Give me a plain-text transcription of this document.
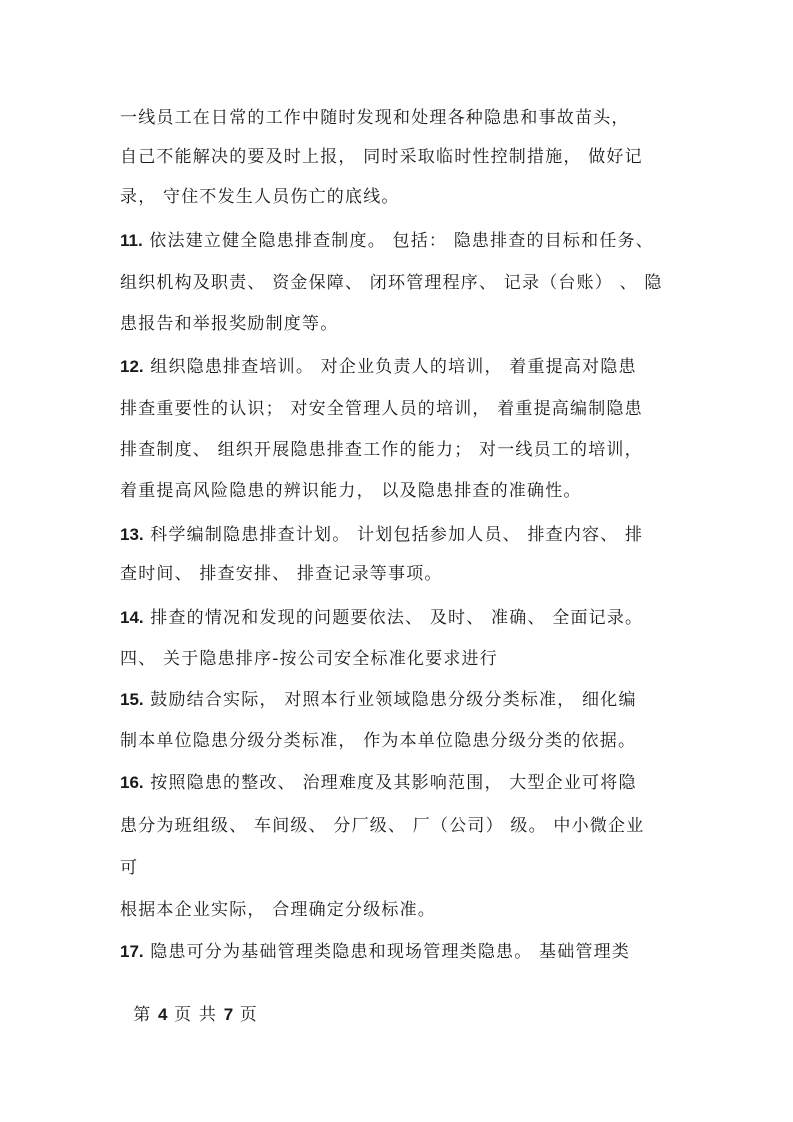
一线员工在日常的工作中随时发现和处理各种隐患和事故苗头，
自己不能解决的要及时上报， 同时采取临时性控制措施， 做好记
录， 守住不发生人员伤亡的底线。
11. 依法建立健全隐患排查制度。 包括： 隐患排查的目标和任务、
组织机构及职责、 资金保障、 闭环管理程序、 记录（台账） 、 隐
患报告和举报奖励制度等。
12. 组织隐患排查培训。 对企业负责人的培训， 着重提高对隐患
排查重要性的认识； 对安全管理人员的培训， 着重提高编制隐患
排查制度、 组织开展隐患排查工作的能力； 对一线员工的培训，
着重提高风险隐患的辨识能力， 以及隐患排查的准确性。
13. 科学编制隐患排查计划。 计划包括参加人员、 排查内容、 排
查时间、 排查安排、 排查记录等事项。
14. 排查的情况和发现的问题要依法、 及时、 准确、 全面记录。
四、 关于隐患排序-按公司安全标准化要求进行
15. 鼓励结合实际， 对照本行业领域隐患分级分类标准， 细化编
制本单位隐患分级分类标准， 作为本单位隐患分级分类的依据。
16. 按照隐患的整改、 治理难度及其影响范围， 大型企业可将隐
患分为班组级、 车间级、 分厂级、 厂（公司） 级。 中小微企业
可
根据本企业实际， 合理确定分级标准。
17. 隐患可分为基础管理类隐患和现场管理类隐患。 基础管理类

第 4 页 共 7 页
